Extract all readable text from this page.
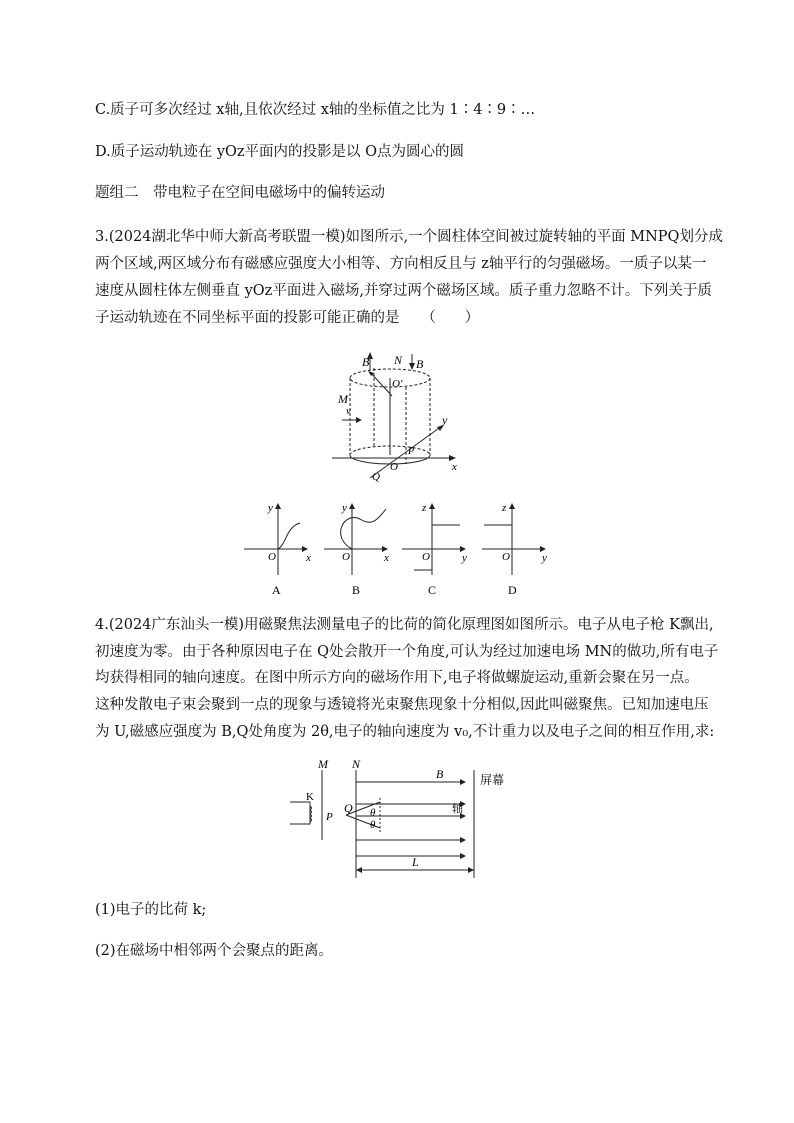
C.质子可多次经过 x轴,且依次经过 x轴的坐标值之比为 1∶4∶9∶…
D.质子运动轨迹在 yOz平面内的投影是以 O点为圆心的圆
题组二　带电粒子在空间电磁场中的偏转运动
3.(2024湖北华中师大新高考联盟一模)如图所示,一个圆柱体空间被过旋转轴的平面 MNPQ划分成
两个区域,两区域分布有磁感应强度大小相等、方向相反且与 z轴平行的匀强磁场。一质子以某一
速度从圆柱体左侧垂直 yOz平面进入磁场,并穿过两个磁场区域。质子重力忽略不计。下列关于质
子运动轨迹在不同坐标平面的投影可能正确的是　　（　　）
B N B
O′
M
v
y
P
O
Q
x
y
x
O
A
y
x
O
B
z
y
O
C
z
y
O
D
4.(2024广东汕头一模)用磁聚焦法测量电子的比荷的简化原理图如图所示。电子从电子枪 K飘出,
初速度为零。由于各种原因电子在 Q处会散开一个角度,可认为经过加速电场 MN的做功,所有电子
均获得相同的轴向速度。在图中所示方向的磁场作用下,电子将做螺旋运动,重新会聚在另一点。
这种发散电子束会聚到一点的现象与透镜将光束聚焦现象十分相似,因此叫磁聚焦。已知加速电压
为 U,磁感应强度为 B,Q处角度为 2θ,电子的轴向速度为 v₀,不计重力以及电子之间的相互作用,求:
M N
B	屏幕
K
P
Q θ
θ
轴
L
(1)电子的比荷 k;
(2)在磁场中相邻两个会聚点的距离。
